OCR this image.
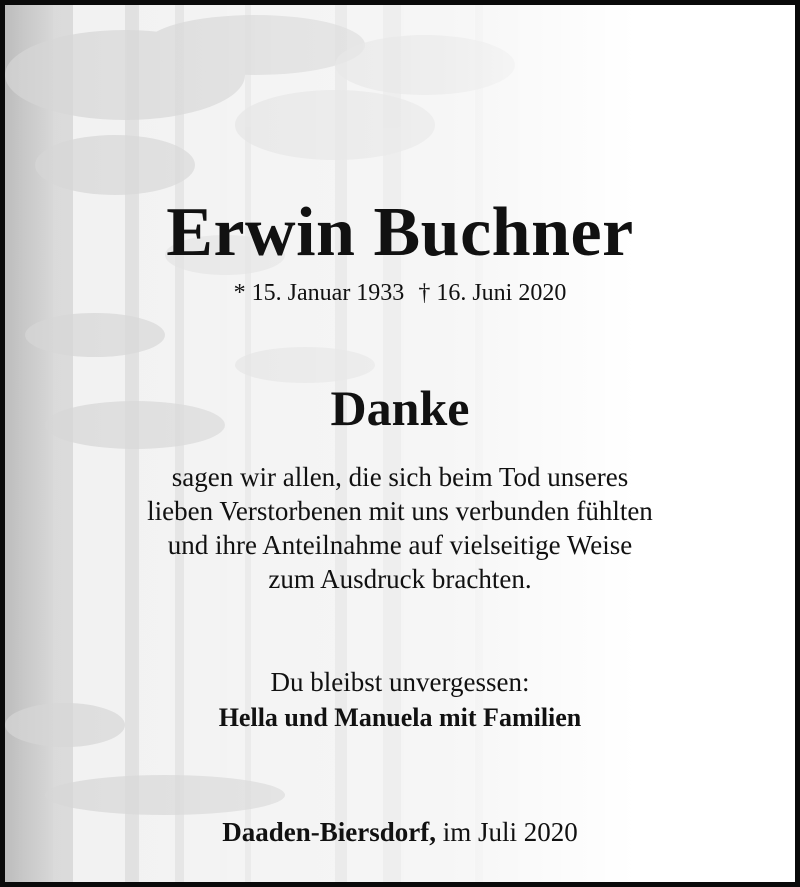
Erwin Buchner
* 15. Januar 1933 † 16. Juni 2020
Danke
sagen wir allen, die sich beim Tod unseres
lieben Verstorbenen mit uns verbunden fühlten
und ihre Anteilnahme auf vielseitige Weise
zum Ausdruck brachten.
Du bleibst unvergessen:
Hella und Manuela mit Familien
Daaden-Biersdorf, im Juli 2020
